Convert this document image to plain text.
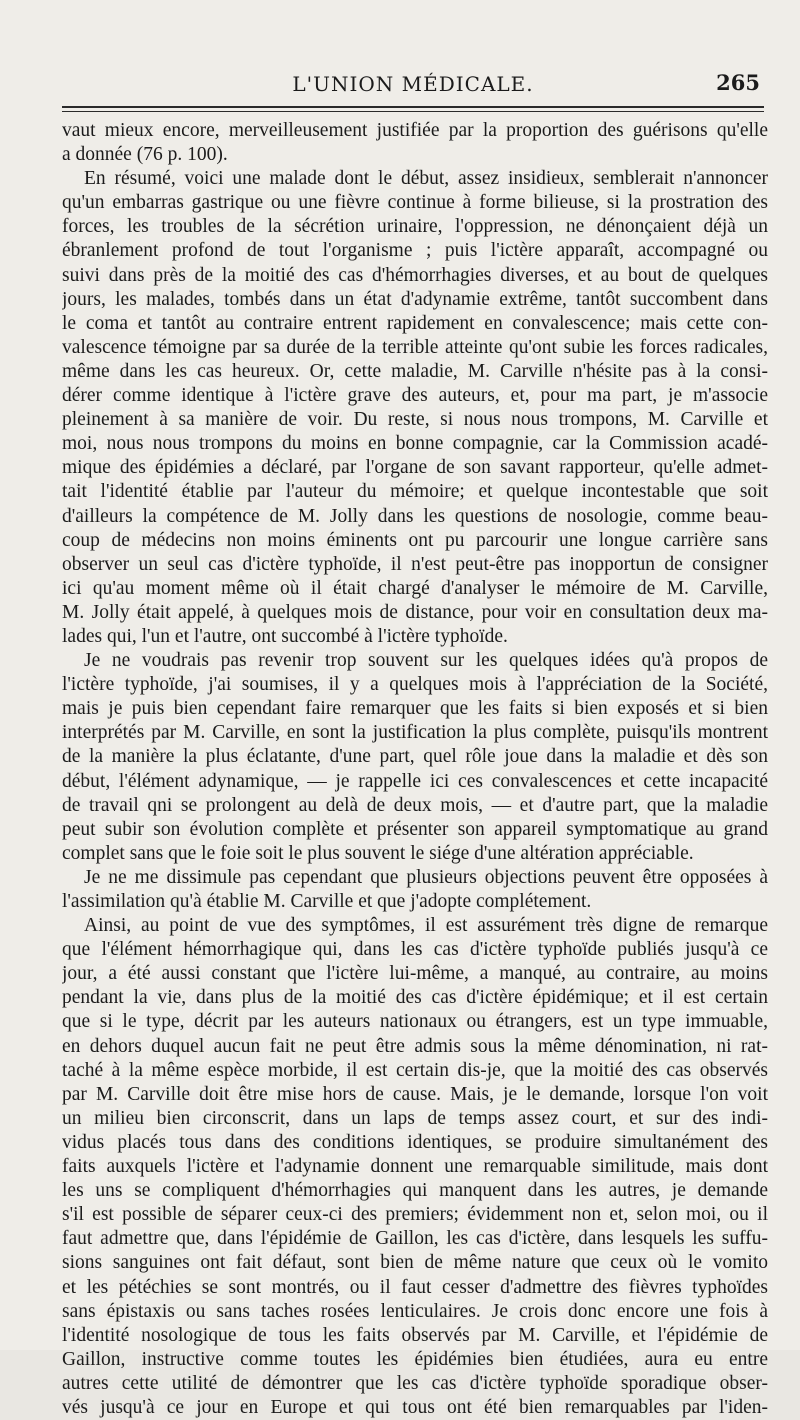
L'UNION MÉDICALE.	265
vaut mieux encore, merveilleusement justifiée par la proportion des guérisons qu'elle
a donnée (76 p. 100).
En résumé, voici une malade dont le début, assez insidieux, semblerait n'annoncer
qu'un embarras gastrique ou une fièvre continue à forme bilieuse, si la prostration des
forces, les troubles de la sécrétion urinaire, l'oppression, ne dénonçaient déjà un
ébranlement profond de tout l'organisme ; puis l'ictère apparaît, accompagné ou
suivi dans près de la moitié des cas d'hémorrhagies diverses, et au bout de quelques
jours, les malades, tombés dans un état d'adynamie extrême, tantôt succombent dans
le coma et tantôt au contraire entrent rapidement en convalescence; mais cette con-
valescence témoigne par sa durée de la terrible atteinte qu'ont subie les forces radicales,
même dans les cas heureux. Or, cette maladie, M. Carville n'hésite pas à la consi-
dérer comme identique à l'ictère grave des auteurs, et, pour ma part, je m'associe
pleinement à sa manière de voir. Du reste, si nous nous trompons, M. Carville et
moi, nous nous trompons du moins en bonne compagnie, car la Commission acadé-
mique des épidémies a déclaré, par l'organe de son savant rapporteur, qu'elle admet-
tait l'identité établie par l'auteur du mémoire; et quelque incontestable que soit
d'ailleurs la compétence de M. Jolly dans les questions de nosologie, comme beau-
coup de médecins non moins éminents ont pu parcourir une longue carrière sans
observer un seul cas d'ictère typhoïde, il n'est peut-être pas inopportun de consigner
ici qu'au moment même où il était chargé d'analyser le mémoire de M. Carville,
M. Jolly était appelé, à quelques mois de distance, pour voir en consultation deux ma-
lades qui, l'un et l'autre, ont succombé à l'ictère typhoïde.
Je ne voudrais pas revenir trop souvent sur les quelques idées qu'à propos de
l'ictère typhoïde, j'ai soumises, il y a quelques mois à l'appréciation de la Société,
mais je puis bien cependant faire remarquer que les faits si bien exposés et si bien
interprétés par M. Carville, en sont la justification la plus complète, puisqu'ils montrent
de la manière la plus éclatante, d'une part, quel rôle joue dans la maladie et dès son
début, l'élément adynamique, — je rappelle ici ces convalescences et cette incapacité
de travail qni se prolongent au delà de deux mois, — et d'autre part, que la maladie
peut subir son évolution complète et présenter son appareil symptomatique au grand
complet sans que le foie soit le plus souvent le siége d'une altération appréciable.
Je ne me dissimule pas cependant que plusieurs objections peuvent être opposées à
l'assimilation qu'à établie M. Carville et que j'adopte complétement.
Ainsi, au point de vue des symptômes, il est assurément très digne de remarque
que l'élément hémorrhagique qui, dans les cas d'ictère typhoïde publiés jusqu'à ce
jour, a été aussi constant que l'ictère lui-même, a manqué, au contraire, au moins
pendant la vie, dans plus de la moitié des cas d'ictère épidémique; et il est certain
que si le type, décrit par les auteurs nationaux ou étrangers, est un type immuable,
en dehors duquel aucun fait ne peut être admis sous la même dénomination, ni rat-
taché à la même espèce morbide, il est certain dis-je, que la moitié des cas observés
par M. Carville doit être mise hors de cause. Mais, je le demande, lorsque l'on voit
un milieu bien circonscrit, dans un laps de temps assez court, et sur des indi-
vidus placés tous dans des conditions identiques, se produire simultanément des
faits auxquels l'ictère et l'adynamie donnent une remarquable similitude, mais dont
les uns se compliquent d'hémorrhagies qui manquent dans les autres, je demande
s'il est possible de séparer ceux-ci des premiers; évidemment non et, selon moi, ou il
faut admettre que, dans l'épidémie de Gaillon, les cas d'ictère, dans lesquels les suffu-
sions sanguines ont fait défaut, sont bien de même nature que ceux où le vomito
et les pétéchies se sont montrés, ou il faut cesser d'admettre des fièvres typhoïdes
sans épistaxis ou sans taches rosées lenticulaires. Je crois donc encore une fois à
l'identité nosologique de tous les faits observés par M. Carville, et l'épidémie de
Gaillon, instructive comme toutes les épidémies bien étudiées, aura eu entre
autres cette utilité de démontrer que les cas d'ictère typhoïde sporadique obser-
vés jusqu'à ce jour en Europe et qui tous ont été bien remarquables par l'iden-
